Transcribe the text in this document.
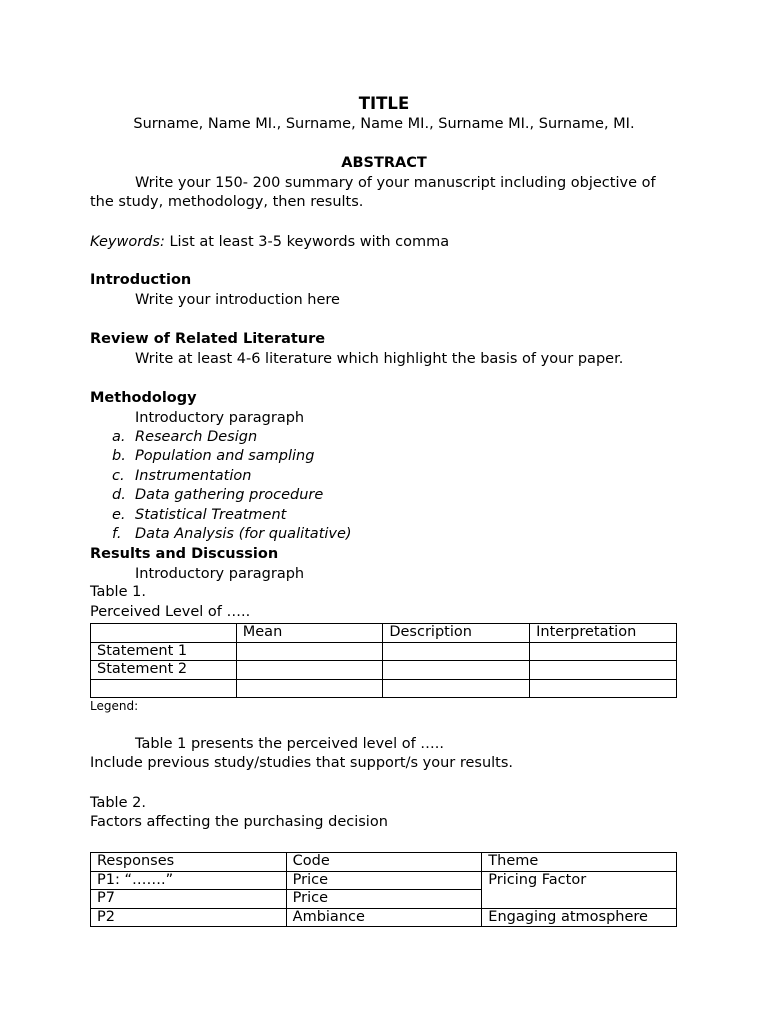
TITLE
Surname, Name MI., Surname, Name MI., Surname MI., Surname, MI.
ABSTRACT
Write your 150- 200 summary of your manuscript including objective of
the study, methodology, then results.
Keywords: List at least 3-5 keywords with comma
Introduction
Write your introduction here
Review of Related Literature
Write at least 4-6 literature which highlight the basis of your paper.
Methodology
Introductory paragraph
a. Research Design
b. Population and sampling
c. Instrumentation
d. Data gathering procedure
e. Statistical Treatment
f. Data Analysis (for qualitative)
Results and Discussion
Introductory paragraph
Table 1.
Perceived Level of …..
	Mean	Description	Interpretation
Statement 1			
Statement 2			

Legend:
Table 1 presents the perceived level of …..
Include previous study/studies that support/s your results.
Table 2.
Factors affecting the purchasing decision
Responses	Code	Theme
P1: “…….”	Price	Pricing Factor
P7	Price	
P2	Ambiance	Engaging atmosphere
